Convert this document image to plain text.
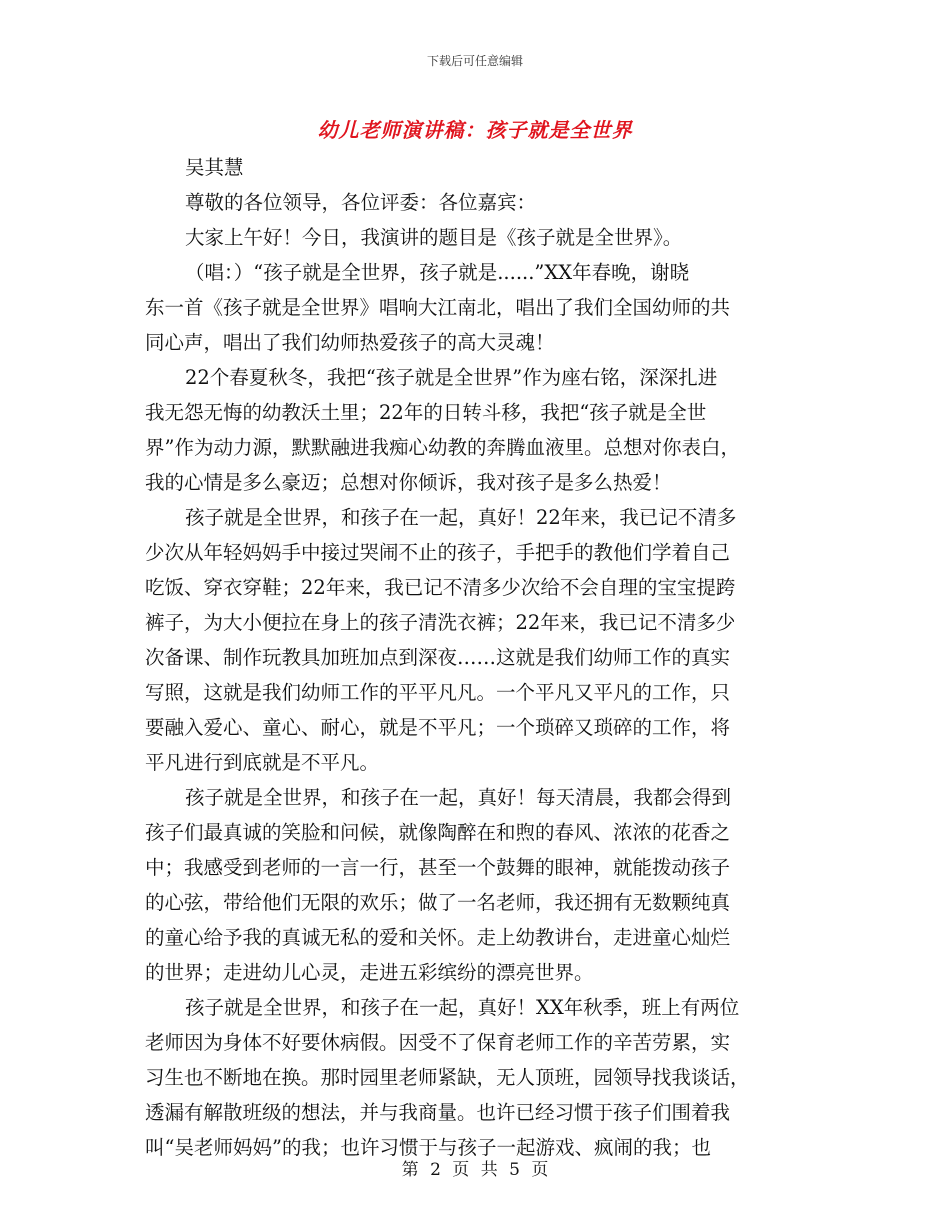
下载后可任意编辑
幼儿老师演讲稿：孩子就是全世界
吴其慧
尊敬的各位领导，各位评委：各位嘉宾：
大家上午好！今日，我演讲的题目是《孩子就是全世界》。
（唱：）“孩子就是全世界，孩子就是......”XX年春晚，谢晓
东一首《孩子就是全世界》唱响大江南北，唱出了我们全国幼师的共
同心声，唱出了我们幼师热爱孩子的高大灵魂！
22个春夏秋冬，我把“孩子就是全世界”作为座右铭，深深扎进
我无怨无悔的幼教沃土里；22年的日转斗移，我把“孩子就是全世
界”作为动力源，默默融进我痴心幼教的奔腾血液里。总想对你表白，
我的心情是多么豪迈；总想对你倾诉，我对孩子是多么热爱！
孩子就是全世界，和孩子在一起，真好！22年来，我已记不清多
少次从年轻妈妈手中接过哭闹不止的孩子，手把手的教他们学着自己
吃饭、穿衣穿鞋；22年来，我已记不清多少次给不会自理的宝宝提跨
裤子，为大小便拉在身上的孩子清洗衣裤；22年来，我已记不清多少
次备课、制作玩教具加班加点到深夜……这就是我们幼师工作的真实
写照，这就是我们幼师工作的平平凡凡。一个平凡又平凡的工作，只
要融入爱心、童心、耐心，就是不平凡；一个琐碎又琐碎的工作，将
平凡进行到底就是不平凡。
孩子就是全世界，和孩子在一起，真好！每天清晨，我都会得到
孩子们最真诚的笑脸和问候，就像陶醉在和煦的春风、浓浓的花香之
中；我感受到老师的一言一行，甚至一个鼓舞的眼神，就能拨动孩子
的心弦，带给他们无限的欢乐；做了一名老师，我还拥有无数颗纯真
的童心给予我的真诚无私的爱和关怀。走上幼教讲台，走进童心灿烂
的世界；走进幼儿心灵，走进五彩缤纷的漂亮世界。
孩子就是全世界，和孩子在一起，真好！XX年秋季，班上有两位
老师因为身体不好要休病假。因受不了保育老师工作的辛苦劳累，实
习生也不断地在换。那时园里老师紧缺，无人顶班，园领导找我谈话，
透漏有解散班级的想法，并与我商量。也许已经习惯于孩子们围着我
叫“吴老师妈妈”的我；也许习惯于与孩子一起游戏、疯闹的我；也
第 2 页 共 5 页
